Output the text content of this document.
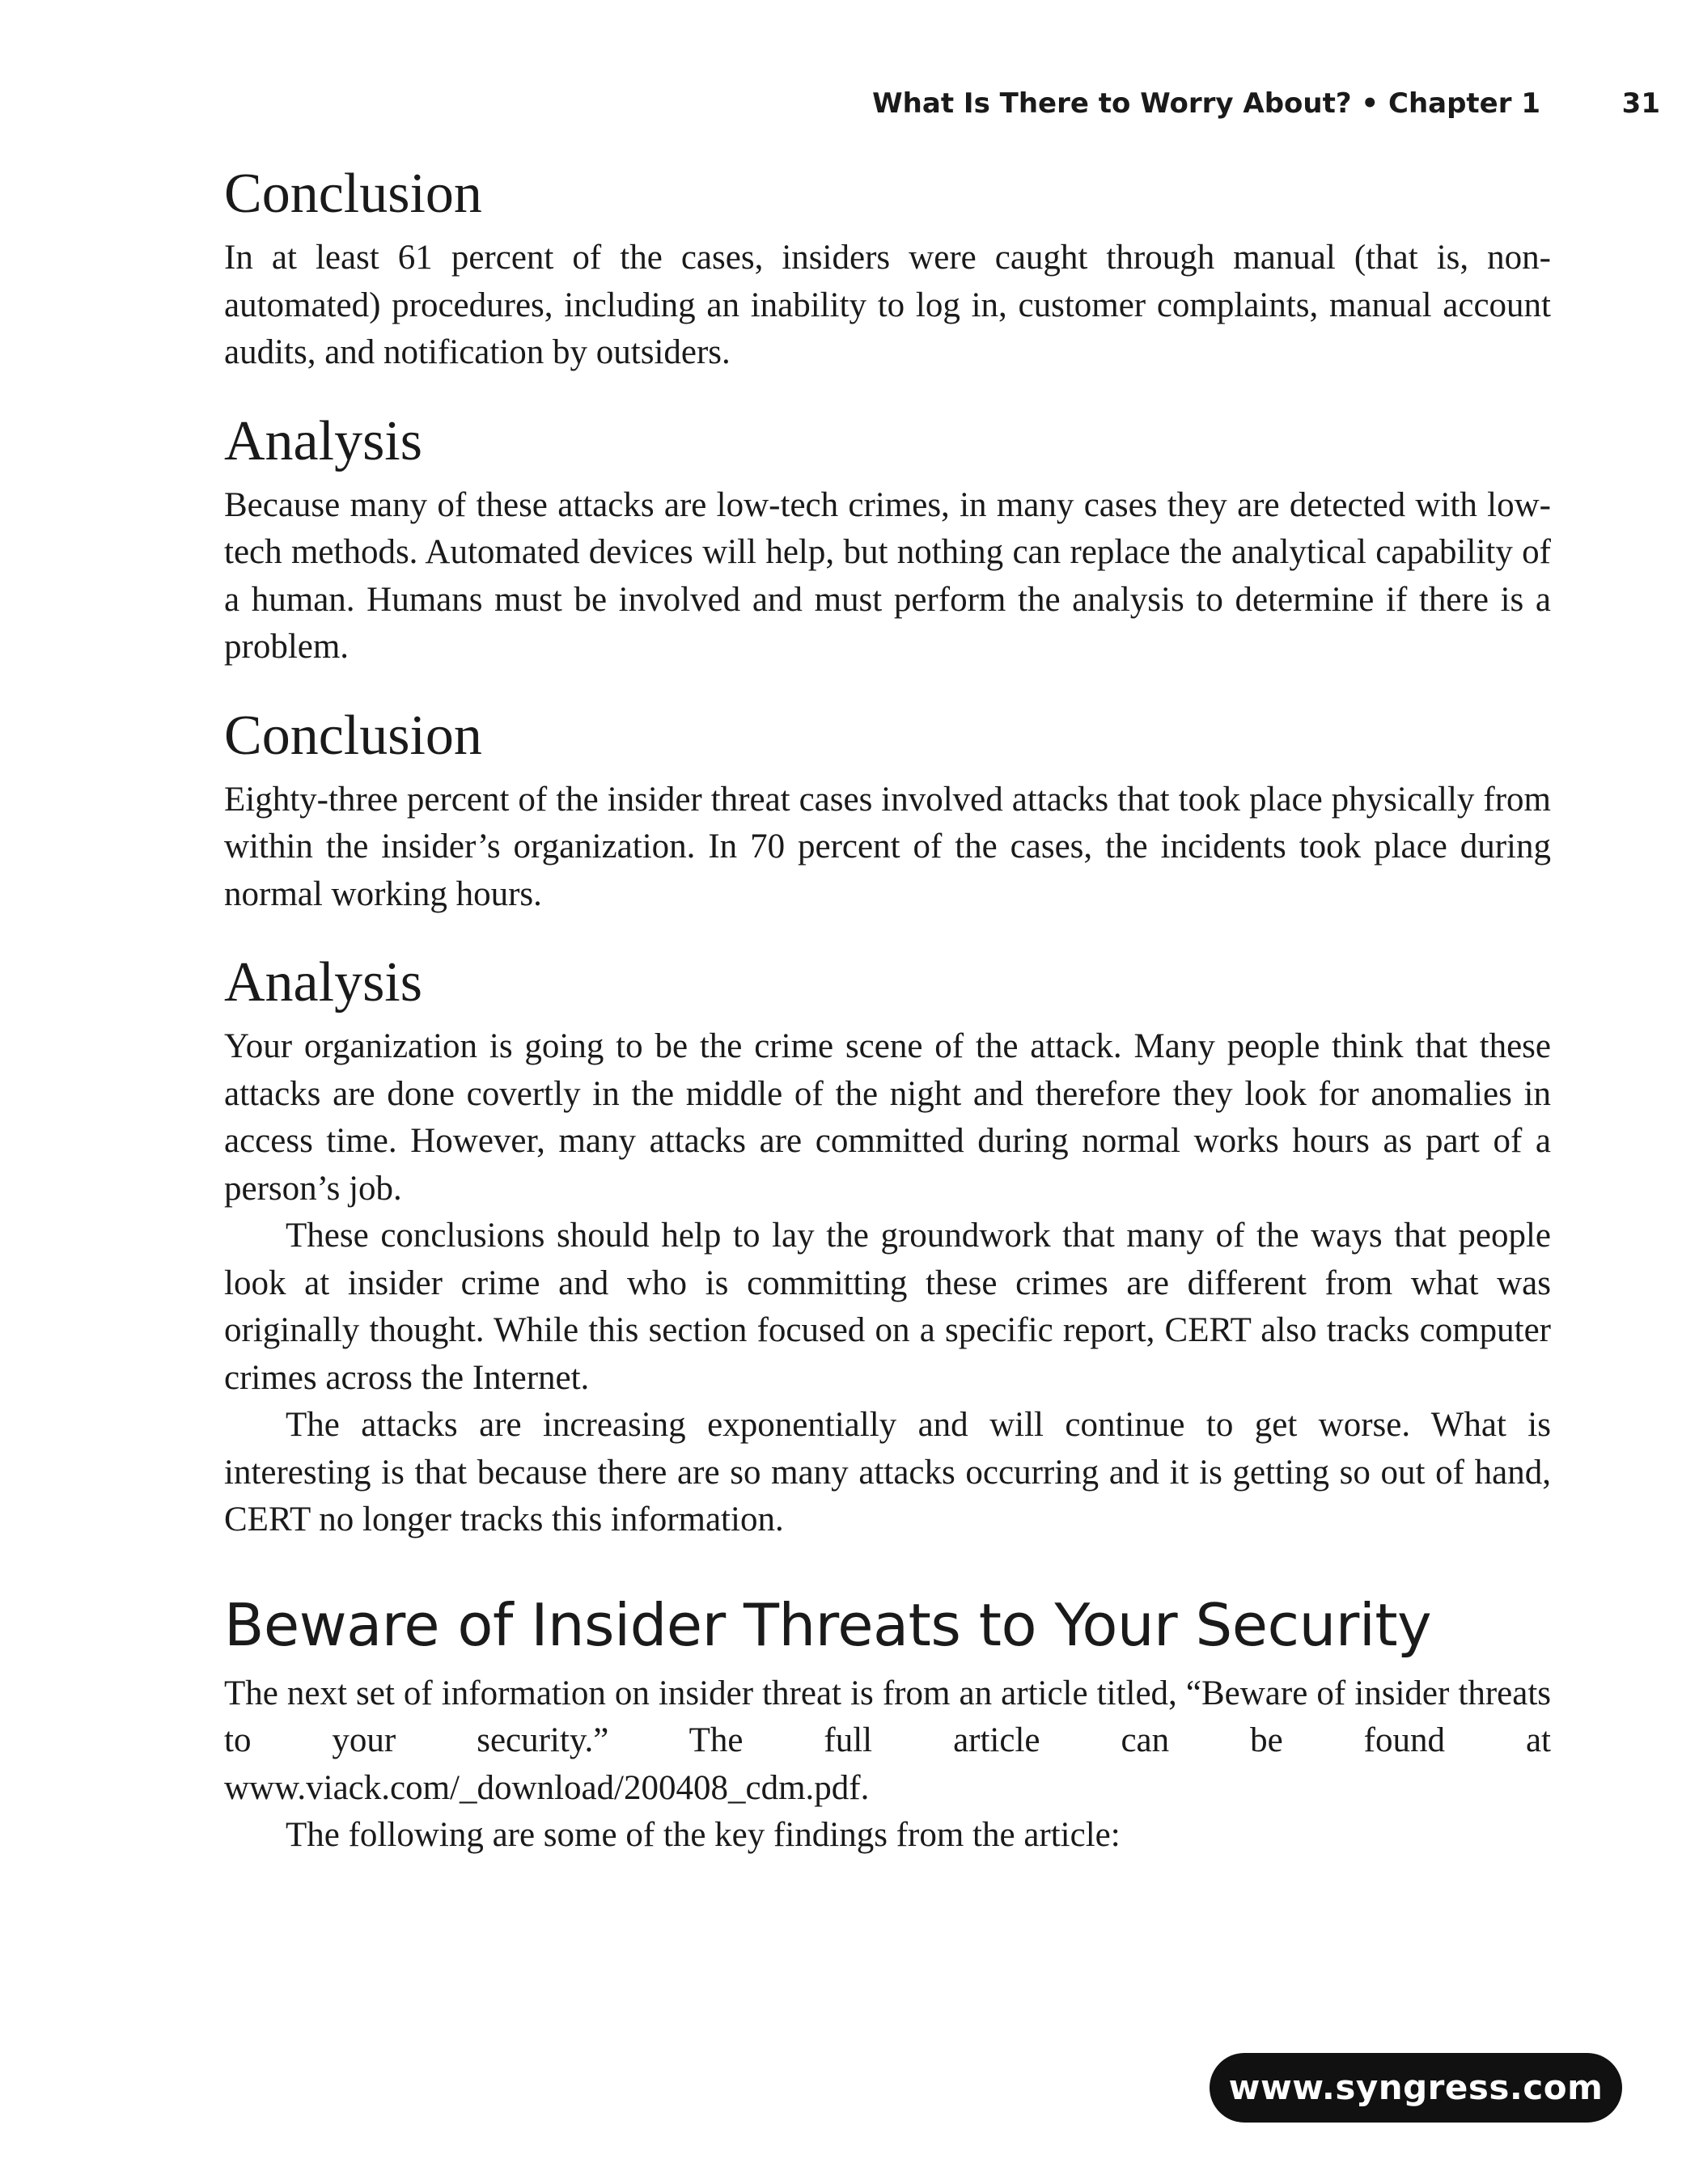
What Is There to Worry About? • Chapter 1	31
Conclusion

In at least 61 percent of the cases, insiders were caught through manual (that is, non-automated) procedures, including an inability to log in, customer complaints, manual account audits, and notification by outsiders.

Analysis

Because many of these attacks are low-tech crimes, in many cases they are detected with low-tech methods. Automated devices will help, but nothing can replace the analytical capability of a human. Humans must be involved and must perform the analysis to determine if there is a problem.

Conclusion

Eighty-three percent of the insider threat cases involved attacks that took place physically from within the insider’s organization. In 70 percent of the cases, the incidents took place during normal working hours.

Analysis

Your organization is going to be the crime scene of the attack. Many people think that these attacks are done covertly in the middle of the night and therefore they look for anomalies in access time. However, many attacks are committed during normal works hours as part of a person’s job.

These conclusions should help to lay the groundwork that many of the ways that people look at insider crime and who is committing these crimes are different from what was originally thought. While this section focused on a specific report, CERT also tracks computer crimes across the Internet.

The attacks are increasing exponentially and will continue to get worse. What is interesting is that because there are so many attacks occurring and it is getting so out of hand, CERT no longer tracks this information.

Beware of Insider Threats to Your Security

The next set of information on insider threat is from an article titled, “Beware of insider threats to your security.” The full article can be found at www.viack.com/_download/200408_cdm.pdf.

The following are some of the key findings from the article:

www.syngress.com
